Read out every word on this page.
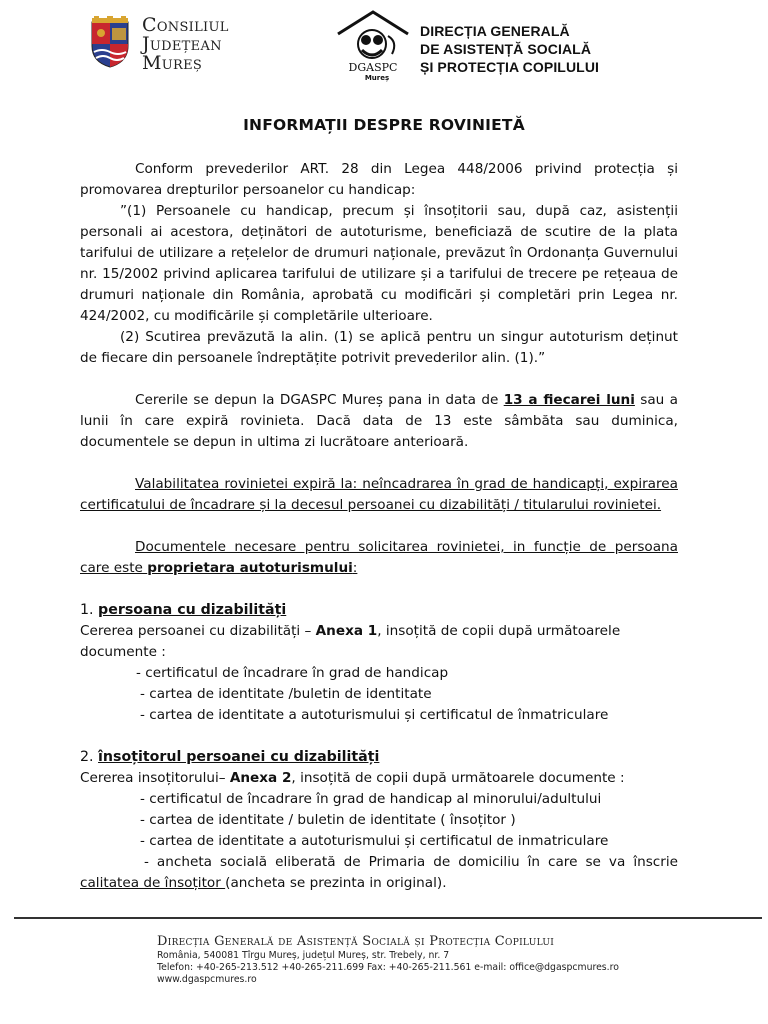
Consiliul
Județean
Mureș	DGASPC
Mureș
DIRECȚIA GENERALĂ
DE ASISTENȚĂ SOCIALĂ
ȘI PROTECȚIA COPILULUI
INFORMAȚII DESPRE ROVINIETĂ

Conform prevederilor ART. 28 din Legea 448/2006 privind protecția și promovarea drepturilor persoanelor cu handicap:

”(1) Persoanele cu handicap, precum și însoțitorii sau, după caz, asistenții personali ai acestora, deținători de autoturisme, beneficiază de scutire de la plata tarifului de utilizare a rețelelor de drumuri naționale, prevăzut în Ordonanța Guvernului nr. 15/2002 privind aplicarea tarifului de utilizare și a tarifului de trecere pe rețeaua de drumuri naționale din România, aprobată cu modificări și completări prin Legea nr. 424/2002, cu modificările și completările ulterioare.

(2) Scutirea prevăzută la alin. (1) se aplică pentru un singur autoturism deținut de fiecare din persoanele îndreptățite potrivit prevederilor alin. (1).”

Cererile se depun la DGASPC Mureș pana in data de 13 a fiecarei luni sau a lunii în care expiră rovinieta. Dacă data de 13 este sâmbăta sau duminica, documentele se depun in ultima zi lucrătoare anterioară.

Valabilitatea rovinietei expiră la: neîncadrarea în grad de handicapți, expirarea certificatului de încadrare și la decesul persoanei cu dizabilități / titularului rovinietei.

Documentele necesare pentru solicitarea rovinietei, in funcție de persoana care este proprietara autoturismului:

1. persoana cu dizabilități

Cererea persoanei cu dizabilități – Anexa 1, insoțită de copii după următoarele documente :

- certificatul de încadrare în grad de handicap

- cartea de identitate /buletin de identitate

- cartea de identitate a autoturismului și certificatul de înmatriculare

2. însoțitorul persoanei cu dizabilități

Cererea insoțitorului– Anexa 2, insoțită de copii după următoarele documente :

- certificatul de încadrare în grad de handicap al minorului/adultului

- cartea de identitate / buletin de identitate ( însoțitor )

- cartea de identitate a autoturismului și certificatul de inmatriculare

- ancheta socială eliberată de Primaria de domiciliu în care se va înscrie calitatea de însoțitor (ancheta se prezinta in original).

Direcția Generală de Asistență Socială și Protecția Copilului
România, 540081 Tîrgu Mureș, județul Mureș, str. Trebely, nr. 7
Telefon: +40-265-213.512 +40-265-211.699 Fax: +40-265-211.561 e-mail: office@dgaspcmures.ro
www.dgaspcmures.ro
